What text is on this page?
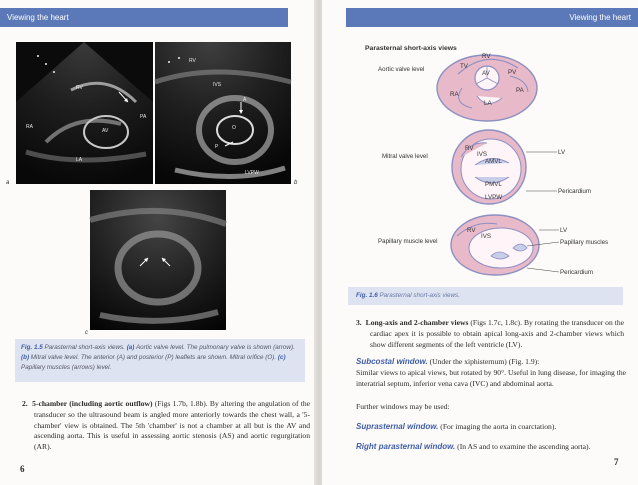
Viewing the heart
RV
RA
AV
PA
LA
a
RV
IVS
A
O
P
LVPW
b
c
Fig. 1.5 Parasternal short-axis views. (a) Aortic valve level. The pulmonary valve is shown (arrow). (b) Mitral valve level. The anterior (A) and posterior (P) leaflets are shown. Mitral orifice (O). (c) Papillary muscles (arrows) level.
2. 5-chamber (including aortic outflow) (Figs 1.7b, 1.8b). By altering the angulation of the transducer so the ultrasound beam is angled more anteriorly towards the chest wall, a '5-chamber' view is obtained. The 5th 'chamber' is not a chamber at all but is the AV and ascending aorta. This is useful in assessing aortic stenosis (AS) and aortic regurgitation (AR).
6
Viewing the heart
Parasternal short-axis views
Aortic valve level
Mitral valve level
Papillary muscle level
RV
TV
AV	PV
PA
RA
LA
RV
IVS
AMVL
PMVL
LVPW
LV
Pericardium
RV
IVS
LV
Papillary muscles
Pericardium
Fig. 1.6 Parasternal short-axis views.
3. Long-axis and 2-chamber views (Figs 1.7c, 1.8c). By rotating the transducer on the cardiac apex it is possible to obtain apical long-axis and 2-chamber views which show different segments of the left ventricle (LV).
Subcostal window. (Under the xiphisternum) (Fig. 1.9):
Similar views to apical views, but rotated by 90°. Useful in lung disease, for imaging the interatrial septum, inferior vena cava (IVC) and abdominal aorta.
Further windows may be used:
Suprasternal window. (For imaging the aorta in coarctation).
Right parasternal window. (In AS and to examine the ascending aorta).
7
